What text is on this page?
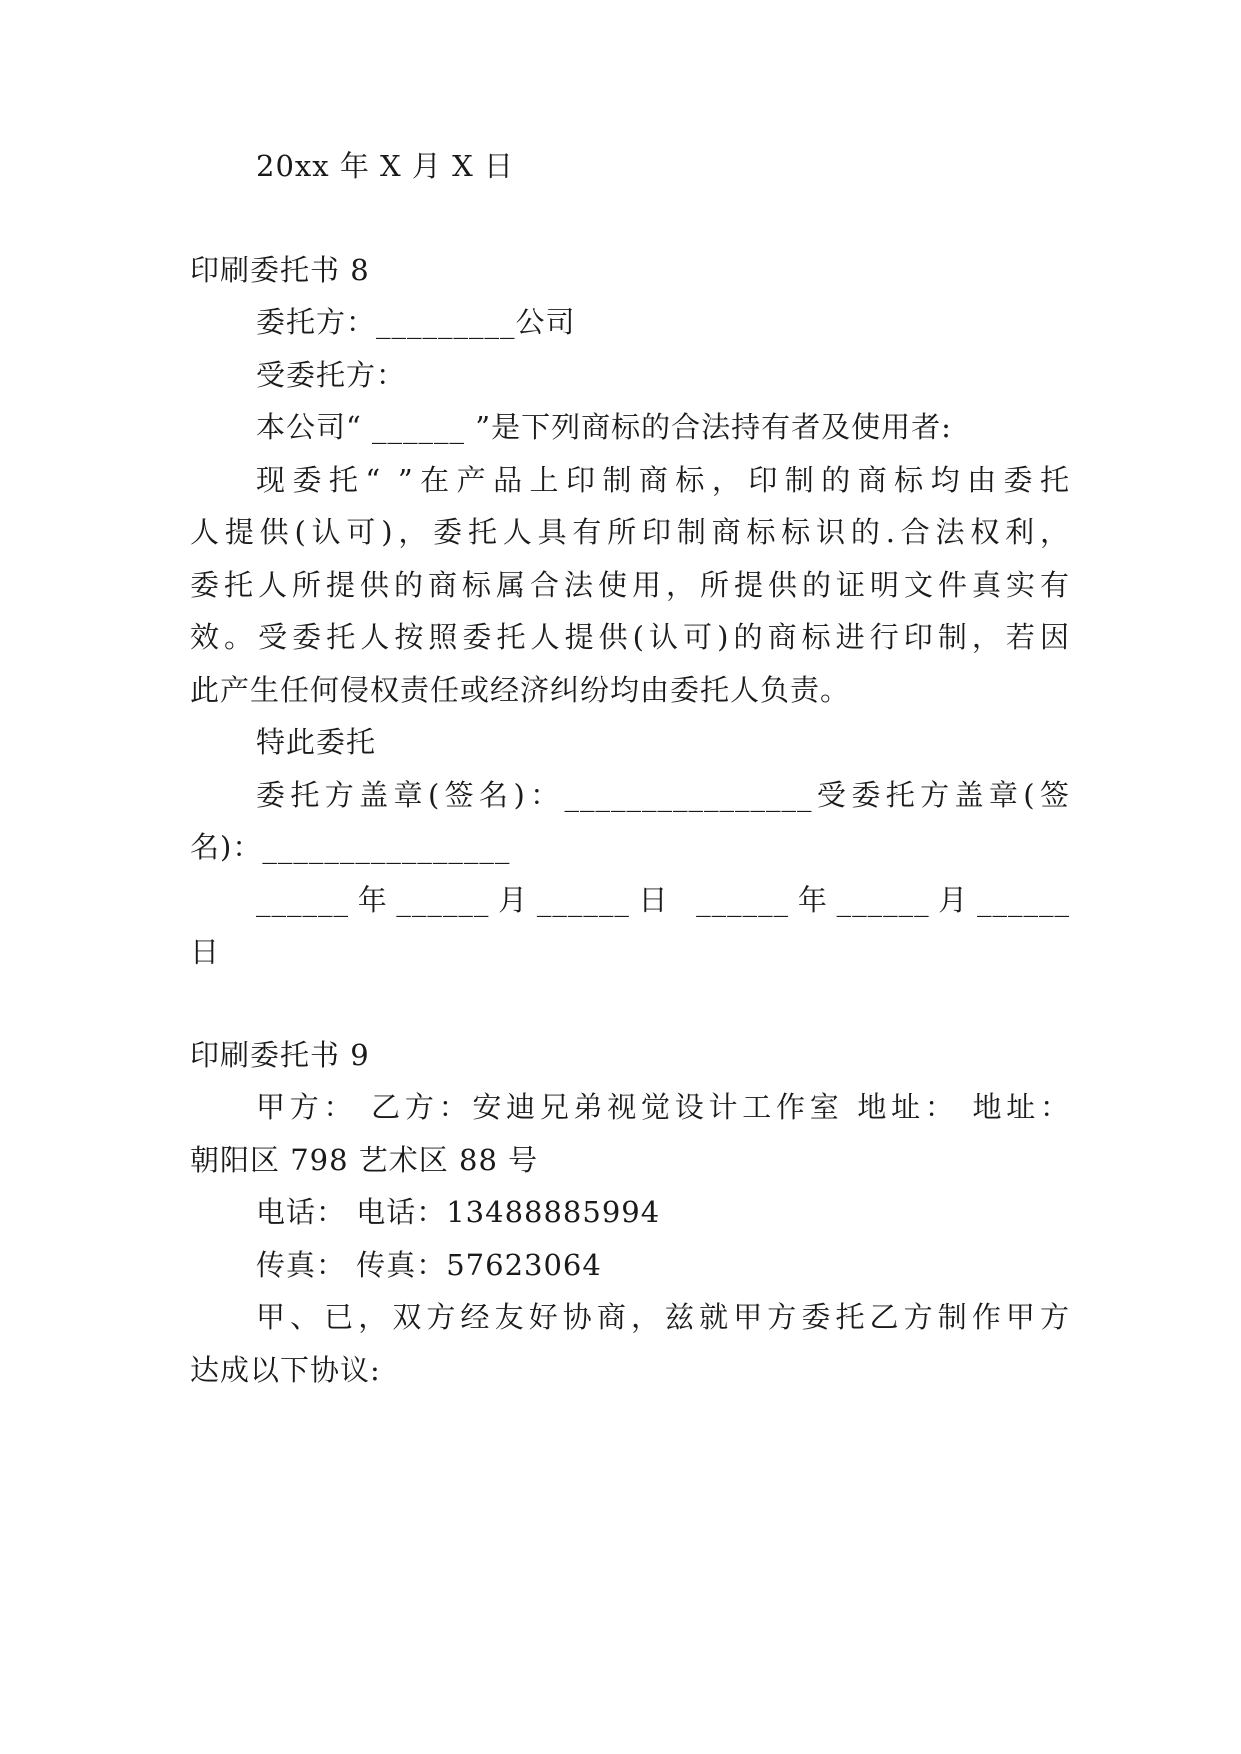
20xx 年 X 月 X 日
印刷委托书 8
委托方：_________公司
受委托方：
本公司“ ______ ”是下列商标的合法持有者及使用者:
现委托“ ”在产品上印制商标，印制的商标均由委托
人提供(认可)，委托人具有所印制商标标识的.合法权利，
委托人所提供的商标属合法使用，所提供的证明文件真实有
效。受委托人按照委托人提供(认可)的商标进行印制，若因
此产生任何侵权责任或经济纠纷均由委托人负责。
特此委托
委托方盖章(签名)：________________受委托方盖章(签
名)：________________
______年______月______日 ______年______月______
日
印刷委托书 9
甲方： 乙方：安迪兄弟视觉设计工作室 地址： 地址：
朝阳区 798 艺术区 88 号
电话： 电话：13488885994
传真： 传真：57623064
甲、已，双方经友好协商，兹就甲方委托乙方制作甲方
达成以下协议:
